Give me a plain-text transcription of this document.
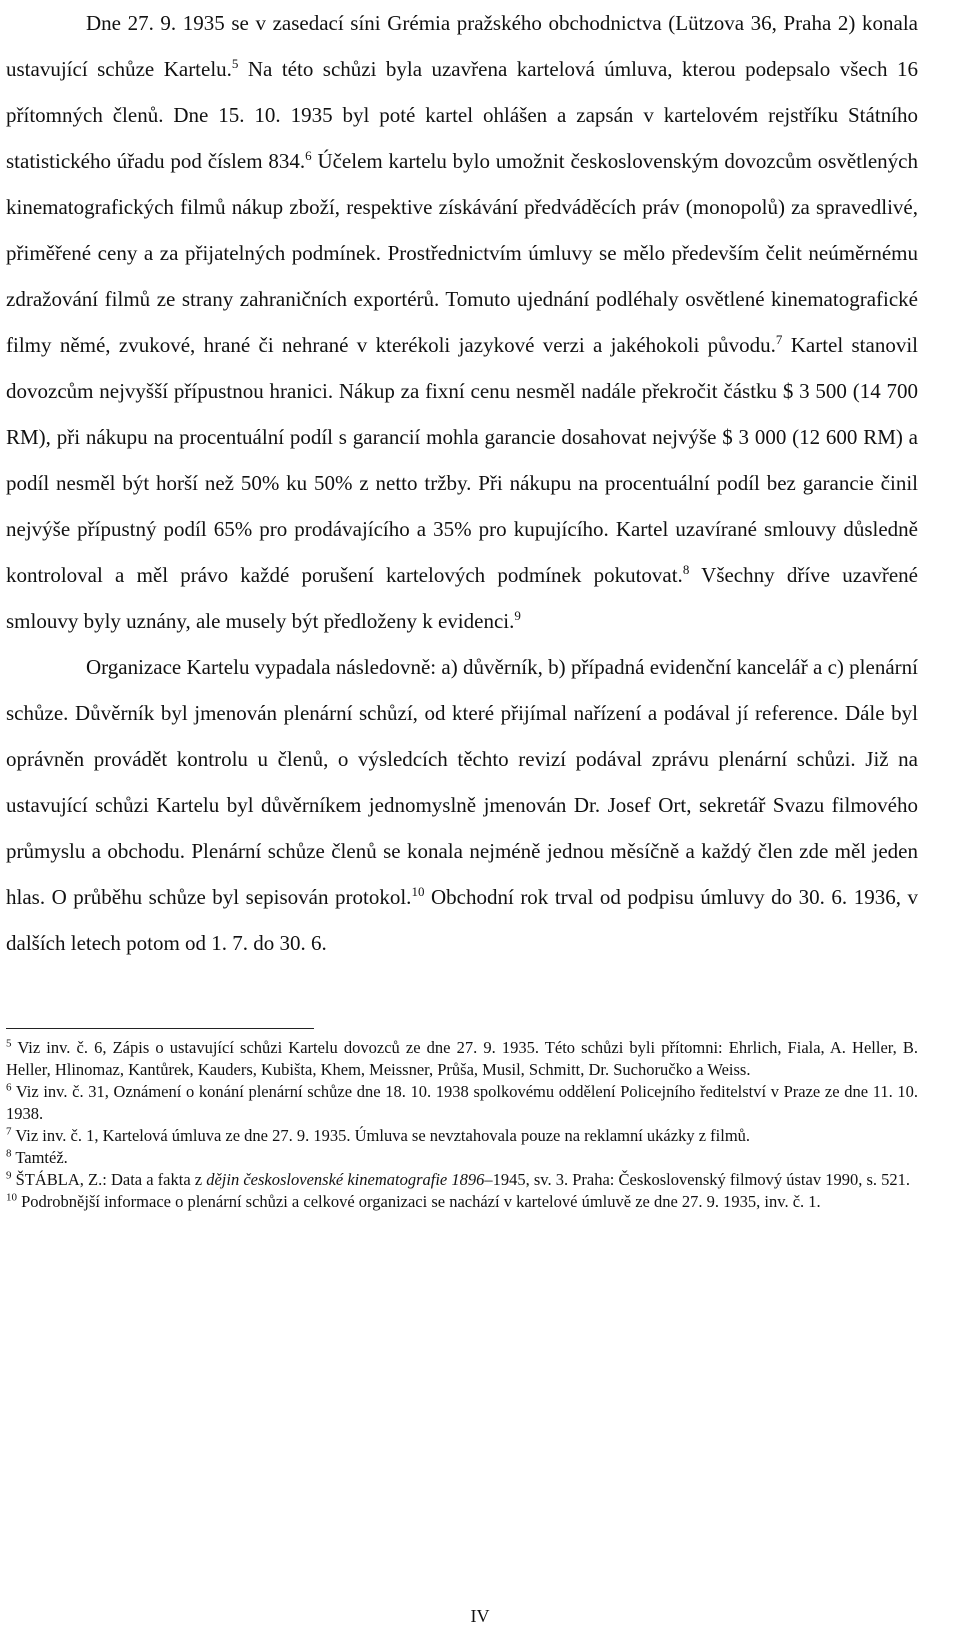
Dne 27. 9. 1935 se v zasedací síni Grémia pražského obchodnictva (Lützova 36, Praha 2) konala ustavující schůze Kartelu.$^5$ Na této schůzi byla uzavřena kartelová úmluva, kterou podepsalo všech 16 přítomných členů. Dne 15. 10. 1935 byl poté kartel ohlášen a zapsán v kartelovém rejstříku Státního statistického úřadu pod číslem 834.$^6$ Účelem kartelu bylo umožnit československým dovozcům osvětlených kinematografických filmů nákup zboží, respektive získávání předváděcích práv (monopolů) za spravedlivé, přiměřené ceny a za přijatelných podmínek. Prostřednictvím úmluvy se mělo především čelit neúměrnému zdražování filmů ze strany zahraničních exportérů. Tomuto ujednání podléhaly osvětlené kinematografické filmy němé, zvukové, hrané či nehrané v kterékoli jazykové verzi a jakéhokoli původu.$^7$ Kartel stanovil dovozcům nejvyšší přípustnou hranici. Nákup za fixní cenu nesměl nadále překročit částku $ 3 500 (14 700 RM), při nákupu na procentuální podíl s garancií mohla garancie dosahovat nejvýše $ 3 000 (12 600 RM) a podíl nesměl být horší než 50% ku 50% z netto tržby. Při nákupu na procentuální podíl bez garancie činil nejvýše přípustný podíl 65% pro prodávajícího a 35% pro kupujícího. Kartel uzavírané smlouvy důsledně kontroloval a měl právo každé porušení kartelových podmínek pokutovat.$^8$ Všechny dříve uzavřené smlouvy byly uznány, ale musely být předloženy k evidenci.$^9$

Organizace Kartelu vypadala následovně: a) důvěrník, b) případná evidenční kancelář a c) plenární schůze. Důvěrník byl jmenován plenární schůzí, od které přijímal nařízení a podával jí reference. Dále byl oprávněn provádět kontrolu u členů, o výsledcích těchto revizí podával zprávu plenární schůzi. Již na ustavující schůzi Kartelu byl důvěrníkem jednomyslně jmenován Dr. Josef Ort, sekretář Svazu filmového průmyslu a obchodu. Plenární schůze členů se konala nejméně jednou měsíčně a každý člen zde měl jeden hlas. O průběhu schůze byl sepisován protokol.$^{10}$ Obchodní rok trval od podpisu úmluvy do 30. 6. 1936, v dalších letech potom od 1. 7. do 30. 6.

$^5$ Viz inv. č. 6, Zápis o ustavující schůzi Kartelu dovozců ze dne 27. 9. 1935. Této schůzi byli přítomni: Ehrlich, Fiala, A. Heller, B. Heller, Hlinomaz, Kantůrek, Kauders, Kubišta, Khem, Meissner, Průša, Musil, Schmitt, Dr. Suchoručko a Weiss.

$^6$ Viz inv. č. 31, Oznámení o konání plenární schůze dne 18. 10. 1938 spolkovému oddělení Policejního ředitelství v Praze ze dne 11. 10. 1938.

$^7$ Viz inv. č. 1, Kartelová úmluva ze dne 27. 9. 1935. Úmluva se nevztahovala pouze na reklamní ukázky z filmů.

$^8$ Tamtéž.

$^9$ ŠTÁBLA, Z.: Data a fakta z dějin československé kinematografie 1896–1945, sv. 3. Praha: Československý filmový ústav 1990, s. 521.

$^{10}$ Podrobnější informace o plenární schůzi a celkové organizaci se nachází v kartelové úmluvě ze dne 27. 9. 1935, inv. č. 1.

IV
